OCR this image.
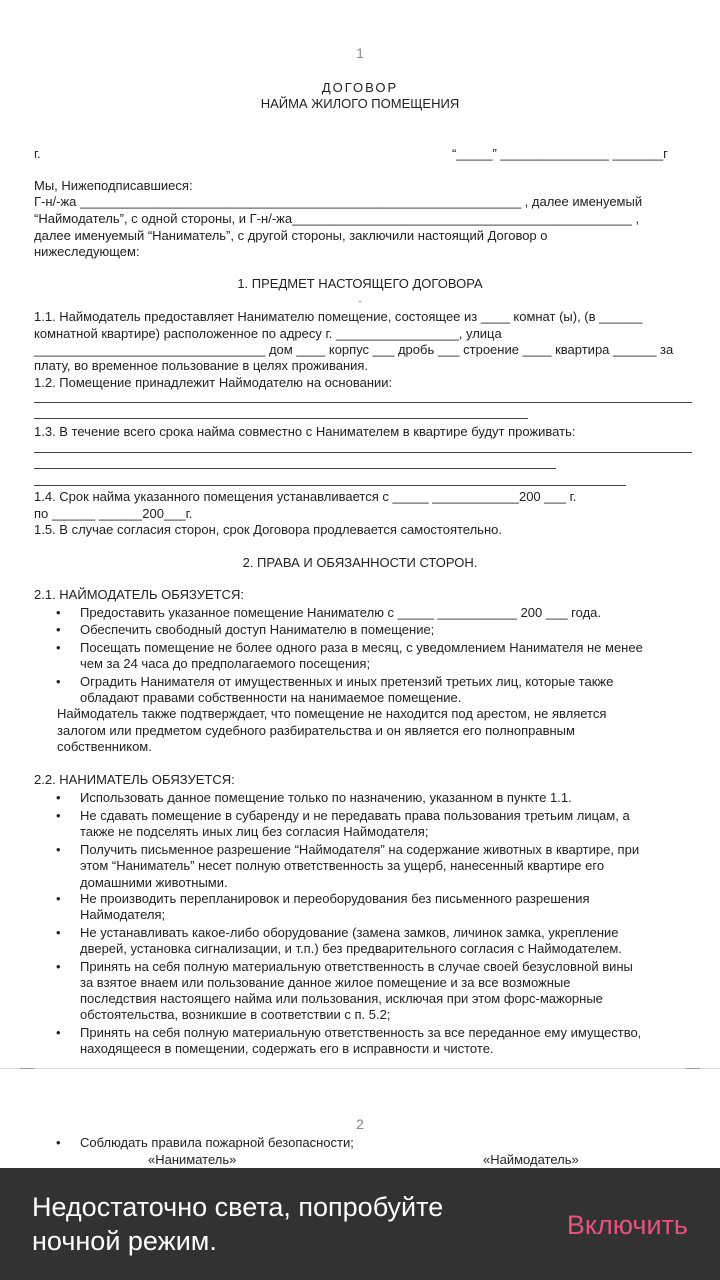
1
ДОГОВОР
НАЙМА ЖИЛОГО ПОМЕЩЕНИЯ
г.	“_____” _______________ _______г
Мы, Нижеподписавшиеся:
Г-н/-жа _____________________________________________________________ , далее именуемый
“Наймодатель”, с одной стороны, и Г-н/-жа_______________________________________________ ,
далее именуемый “Наниматель”, с другой стороны, заключили настоящий Договор о
нижеследующем:
1. ПРЕДМЕТ НАСТОЯЩЕГО ДОГОВОРА
.
1.1. Наймодатель предоставляет Нанимателю помещение, состоящее из ____ комнат (ы), (в ______
комнатной квартире) расположенное по адресу г. _________________, улица
________________________________ дом ____ корпус ___ дробь ___ строение ____ квартира ______ за
плату, во временное пользование в целях проживания.
1.2. Помещение принадлежит Наймодателю на основании:
1.3. В течение всего срока найма совместно с Нанимателем в квартире будут проживать:
1.4. Срок найма указанного помещения устанавливается с _____ ____________200 ___ г.
по ______ ______200___г.
1.5. В случае согласия сторон, срок Договора продлевается самостоятельно.
2. ПРАВА И ОБЯЗАННОСТИ СТОРОН.
2.1. НАЙМОДАТЕЛЬ ОБЯЗУЕТСЯ:
• Предоставить указанное помещение Нанимателю с _____ ___________ 200 ___ года.
• Обеспечить свободный доступ Нанимателю в помещение;
• Посещать помещение не более одного раза в месяц, с уведомлением Нанимателя не менее
чем за 24 часа до предполагаемого посещения;
• Оградить Нанимателя от имущественных и иных претензий третьих лиц, которые также
обладают правами собственности на нанимаемое помещение.
Наймодатель также подтверждает, что помещение не находится под арестом, не является
залогом или предметом судебного разбирательства и он является его полноправным
собственником.
2.2. НАНИМАТЕЛЬ ОБЯЗУЕТСЯ:
• Использовать данное помещение только по назначению, указанном в пункте 1.1.
• Не сдавать помещение в субаренду и не передавать права пользования третьим лицам, а
также не подселять иных лиц без согласия Наймодателя;
• Получить письменное разрешение “Наймодателя” на содержание животных в квартире, при
этом “Наниматель” несет полную ответственность за ущерб, нанесенный квартире его
домашними животными.
• Не производить перепланировок и переоборудования без письменного разрешения
Наймодателя;
• Не устанавливать какое-либо оборудование (замена замков, личинок замка, укрепление
дверей, установка сигнализации, и т.п.) без предварительного согласия с Наймодателем.
• Принять на себя полную материальную ответственность в случае своей безусловной вины
за взятое внаем или пользование данное жилое помещение и за все возможные
последствия настоящего найма или пользования, исключая при этом форс-мажорные
обстоятельства, возникшие в соответствии с п. 5.2;
• Принять на себя полную материальную ответственность за все переданное ему имущество,
находящееся в помещении, содержать его в исправности и чистоте.
2
• Соблюдать правила пожарной безопасности;
«Наниматель»	«Наймодатель»
Недостаточно света, попробуйте ночной режим.
Включить
